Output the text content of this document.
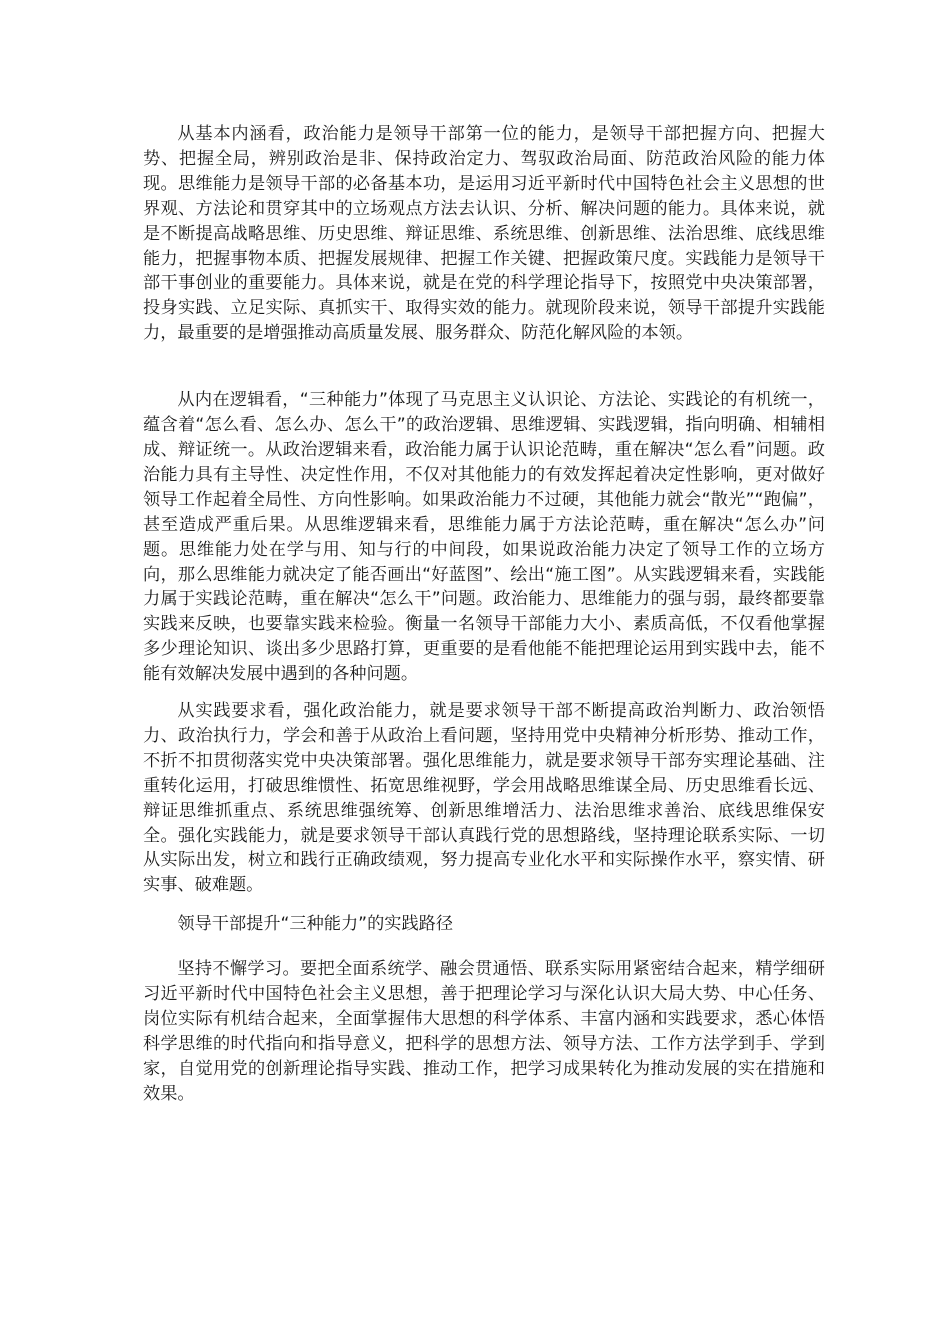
从基本内涵看，政治能力是领导干部第一位的能力，是领导干部把握方向、把握大势、把握全局，辨别政治是非、保持政治定力、驾驭政治局面、防范政治风险的能力体现。思维能力是领导干部的必备基本功，是运用习近平新时代中国特色社会主义思想的世界观、方法论和贯穿其中的立场观点方法去认识、分析、解决问题的能力。具体来说，就是不断提高战略思维、历史思维、辩证思维、系统思维、创新思维、法治思维、底线思维能力，把握事物本质、把握发展规律、把握工作关键、把握政策尺度。实践能力是领导干部干事创业的重要能力。具体来说，就是在党的科学理论指导下，按照党中央决策部署，投身实践、立足实际、真抓实干、取得实效的能力。就现阶段来说，领导干部提升实践能力，最重要的是增强推动高质量发展、服务群众、防范化解风险的本领。

从内在逻辑看，“三种能力”体现了马克思主义认识论、方法论、实践论的有机统一，蕴含着“怎么看、怎么办、怎么干”的政治逻辑、思维逻辑、实践逻辑，指向明确、相辅相成、辩证统一。从政治逻辑来看，政治能力属于认识论范畴，重在解决“怎么看”问题。政治能力具有主导性、决定性作用，不仅对其他能力的有效发挥起着决定性影响，更对做好领导工作起着全局性、方向性影响。如果政治能力不过硬，其他能力就会“散光”“跑偏”，甚至造成严重后果。从思维逻辑来看，思维能力属于方法论范畴，重在解决“怎么办”问题。思维能力处在学与用、知与行的中间段，如果说政治能力决定了领导工作的立场方向，那么思维能力就决定了能否画出“好蓝图”、绘出“施工图”。从实践逻辑来看，实践能力属于实践论范畴，重在解决“怎么干”问题。政治能力、思维能力的强与弱，最终都要靠实践来反映，也要靠实践来检验。衡量一名领导干部能力大小、素质高低，不仅看他掌握多少理论知识、谈出多少思路打算，更重要的是看他能不能把理论运用到实践中去，能不能有效解决发展中遇到的各种问题。

从实践要求看，强化政治能力，就是要求领导干部不断提高政治判断力、政治领悟力、政治执行力，学会和善于从政治上看问题，坚持用党中央精神分析形势、推动工作，不折不扣贯彻落实党中央决策部署。强化思维能力，就是要求领导干部夯实理论基础、注重转化运用，打破思维惯性、拓宽思维视野，学会用战略思维谋全局、历史思维看长远、辩证思维抓重点、系统思维强统筹、创新思维增活力、法治思维求善治、底线思维保安全。强化实践能力，就是要求领导干部认真践行党的思想路线，坚持理论联系实际、一切从实际出发，树立和践行正确政绩观，努力提高专业化水平和实际操作水平，察实情、研实事、破难题。

领导干部提升“三种能力”的实践路径

坚持不懈学习。要把全面系统学、融会贯通悟、联系实际用紧密结合起来，精学细研习近平新时代中国特色社会主义思想，善于把理论学习与深化认识大局大势、中心任务、岗位实际有机结合起来，全面掌握伟大思想的科学体系、丰富内涵和实践要求，悉心体悟科学思维的时代指向和指导意义，把科学的思想方法、领导方法、工作方法学到手、学到家，自觉用党的创新理论指导实践、推动工作，把学习成果转化为推动发展的实在措施和效果。
